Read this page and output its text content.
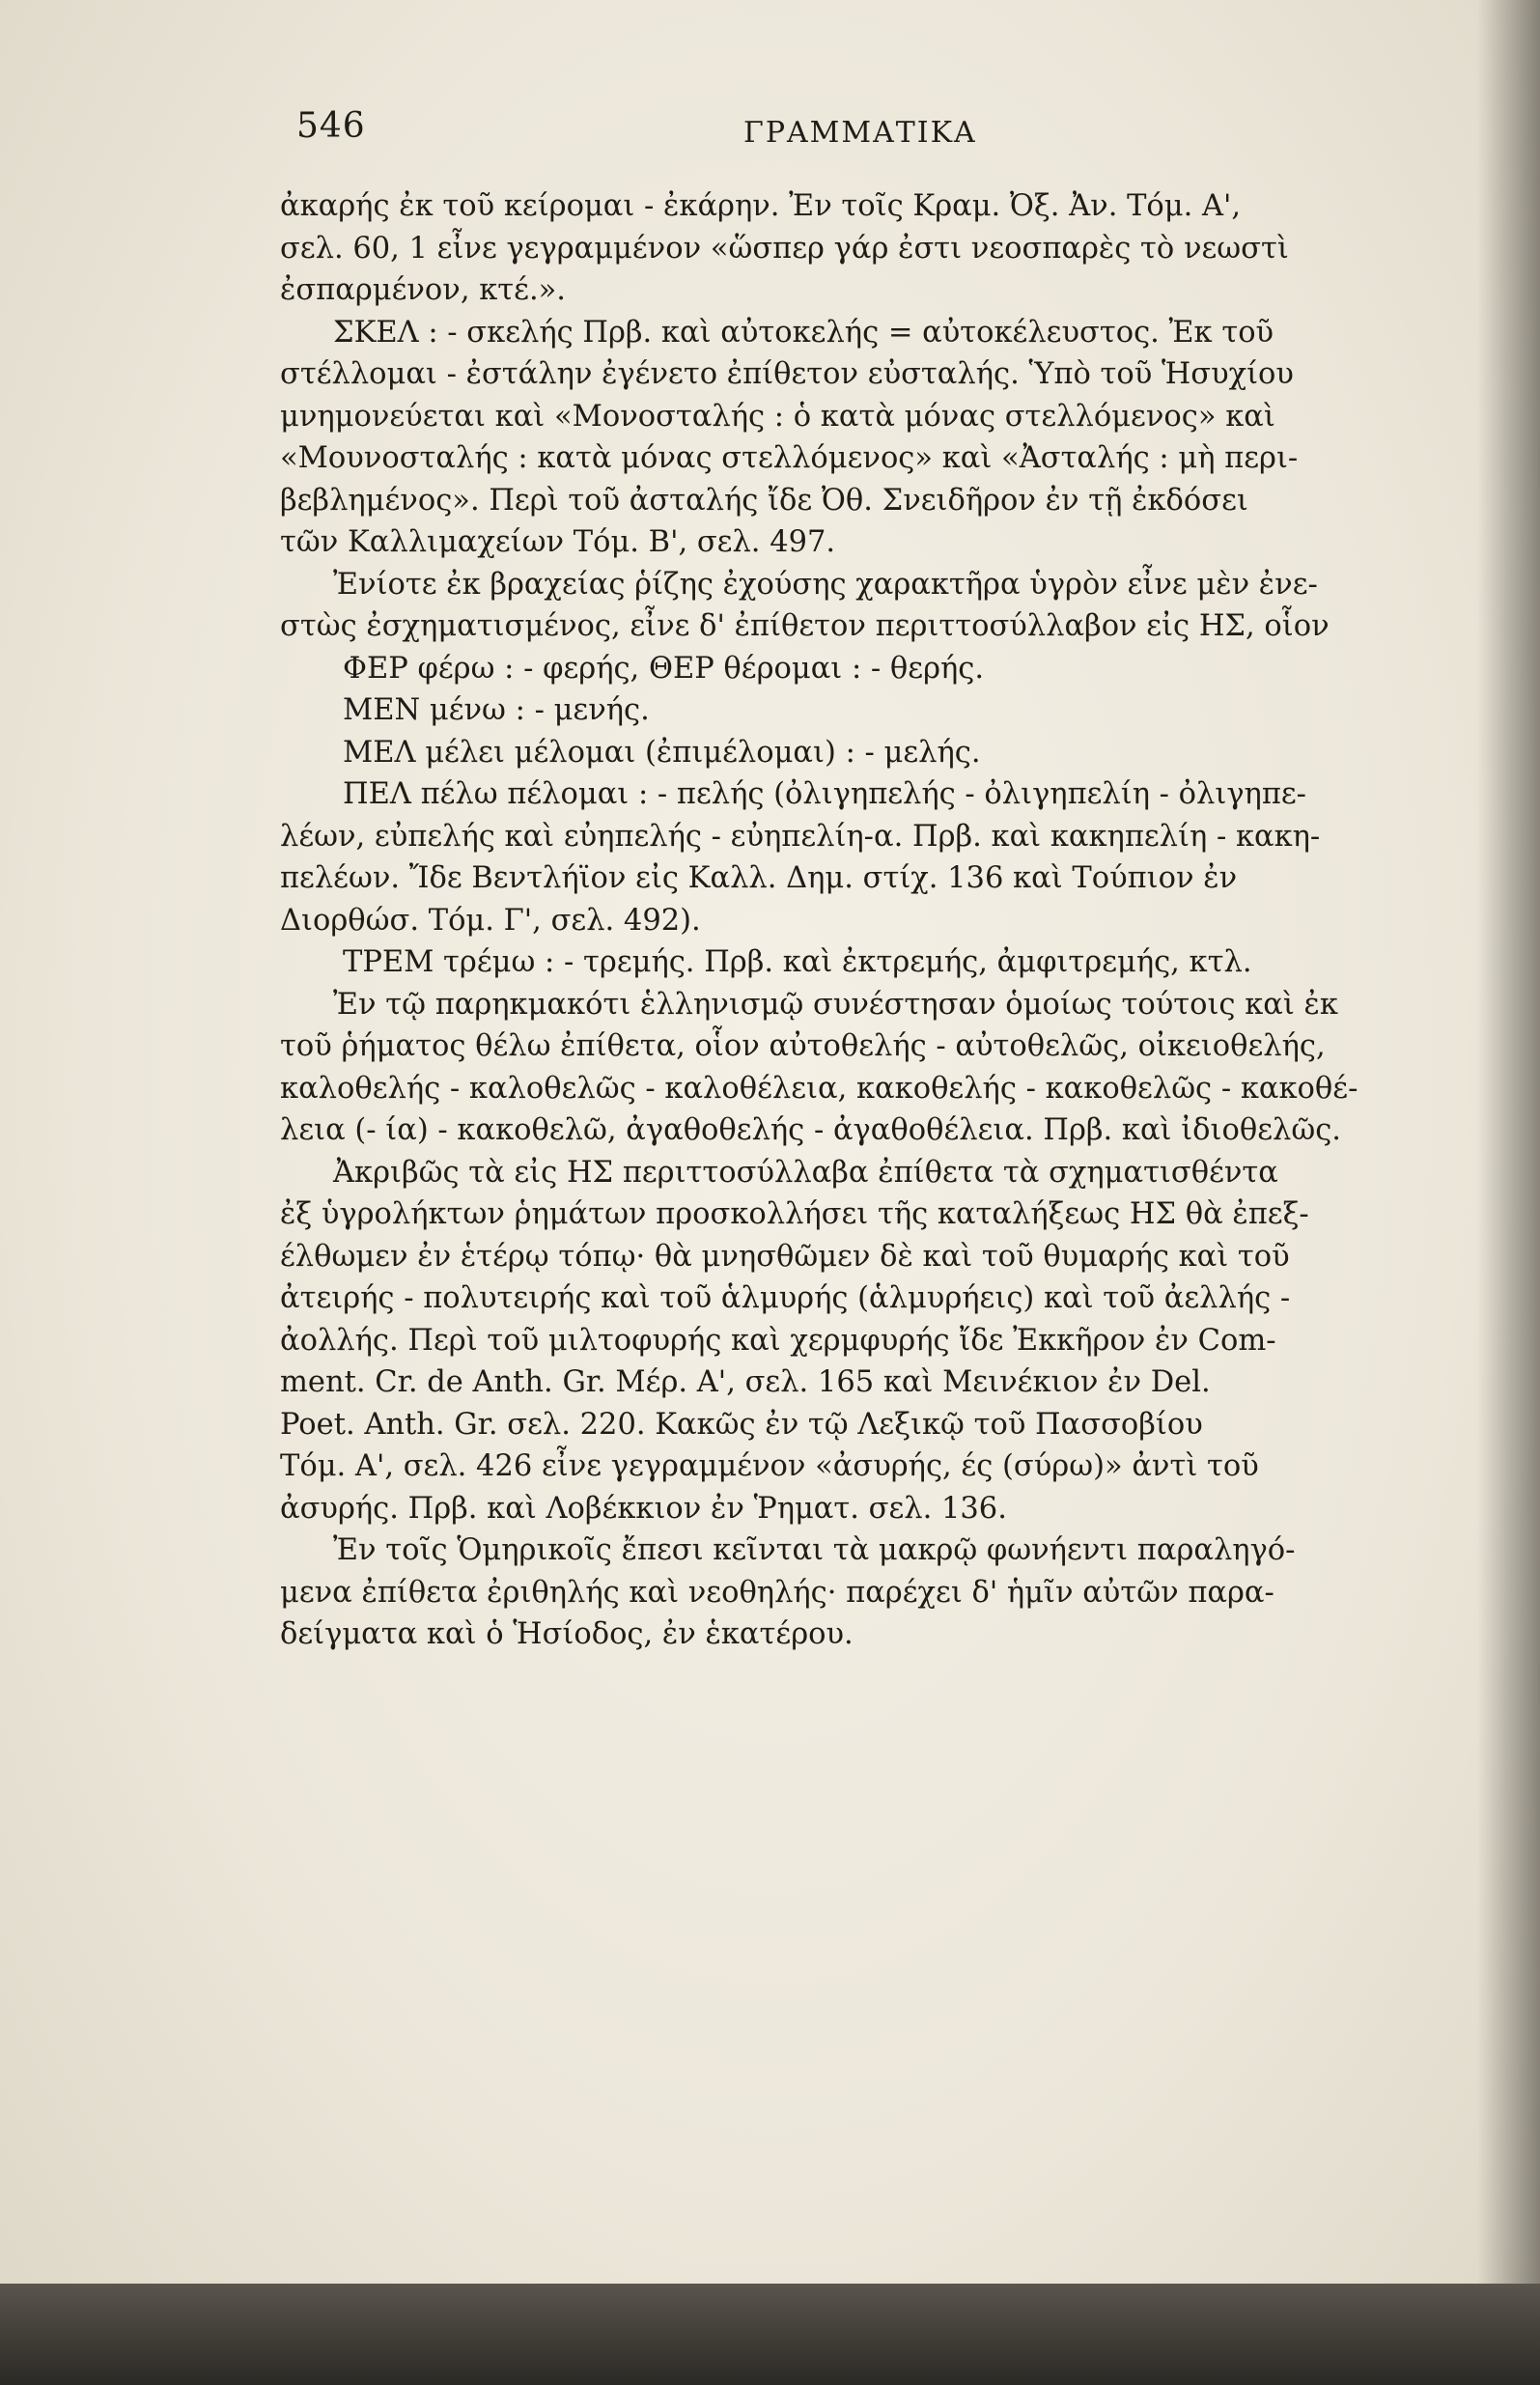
546	ΓΡΑΜΜΑΤΙΚΑ
ἀκαρής ἐκ τοῦ κείρομαι - ἐκάρην. Ἐν τοῖς Κραμ. Ὀξ. Ἀν. Τόμ. Α',
σελ. 60, 1 εἶνε γεγραμμένον «ὥσπερ γάρ ἐστι νεοσπαρὲς τὸ νεωστὶ
ἐσπαρμένον, κτέ.».
ΣΚΕΛ : - σκελής Πρβ. καὶ αὐτοκελής = αὐτοκέλευστος. Ἐκ τοῦ
στέλλομαι - ἐστάλην ἐγένετο ἐπίθετον εὐσταλής. Ὑπὸ τοῦ Ἡσυχίου
μνημονεύεται καὶ «Μονοσταλής : ὁ κατὰ μόνας στελλόμενος» καὶ
«Μουνοσταλής : κατὰ μόνας στελλόμενος» καὶ «Ἀσταλής : μὴ περι-
βεβλημένος». Περὶ τοῦ ἀσταλής ἴδε Ὀθ. Σνειδῆρον ἐν τῇ ἐκδόσει
τῶν Καλλιμαχείων Τόμ. Β', σελ. 497.
Ἐνίοτε ἐκ βραχείας ῥίζης ἐχούσης χαρακτῆρα ὑγρὸν εἶνε μὲν ἐνε-
στὼς ἐσχηματισμένος, εἶνε δ' ἐπίθετον περιττοσύλλαβον εἰς ΗΣ, οἷον
ΦΕΡ φέρω : - φερής, ΘΕΡ θέρομαι : - θερής.
ΜΕΝ μένω : - μενής.
ΜΕΛ μέλει μέλομαι (ἐπιμέλομαι) : - μελής.
ΠΕΛ πέλω πέλομαι : - πελής (ὀλιγηπελής - ὀλιγηπελίη - ὀλιγηπε-
λέων, εὐπελής καὶ εὐηπελής - εὐηπελίη-α. Πρβ. καὶ κακηπελίη - κακη-
πελέων. Ἴδε Βεντλήϊον εἰς Καλλ. Δημ. στίχ. 136 καὶ Τούπιον ἐν
Διορθώσ. Τόμ. Γ', σελ. 492).
ΤΡΕΜ τρέμω : - τρεμής. Πρβ. καὶ ἐκτρεμής, ἀμφιτρεμής, κτλ.
Ἐν τῷ παρηκμακότι ἑλληνισμῷ συνέστησαν ὁμοίως τούτοις καὶ ἐκ
τοῦ ῥήματος θέλω ἐπίθετα, οἷον αὐτοθελής - αὐτοθελῶς, οἰκειοθελής,
καλοθελής - καλοθελῶς - καλοθέλεια, κακοθελής - κακοθελῶς - κακοθέ-
λεια (- ία) - κακοθελῶ, ἀγαθοθελής - ἀγαθοθέλεια. Πρβ. καὶ ἰδιοθελῶς.
Ἀκριβῶς τὰ εἰς ΗΣ περιττοσύλλαβα ἐπίθετα τὰ σχηματισθέντα
ἐξ ὑγρολήκτων ῥημάτων προσκολλήσει τῆς καταλήξεως ΗΣ θὰ ἐπεξ-
έλθωμεν ἐν ἑτέρῳ τόπῳ· θὰ μνησθῶμεν δὲ καὶ τοῦ θυμαρής καὶ τοῦ
ἀτειρής - πολυτειρής καὶ τοῦ ἁλμυρής (ἁλμυρήεις) καὶ τοῦ ἀελλής -
ἀολλής. Περὶ τοῦ μιλτοφυρής καὶ χερμφυρής ἴδε Ἐκκῆρον ἐν Com-
ment. Cr. de Anth. Gr. Μέρ. Α', σελ. 165 καὶ Μεινέκιον ἐν Del.
Poet. Anth. Gr. σελ. 220. Κακῶς ἐν τῷ Λεξικῷ τοῦ Πασσοβίου
Τόμ. Α', σελ. 426 εἶνε γεγραμμένον «ἀσυρής, ές (σύρω)» ἀντὶ τοῦ
ἀσυρής. Πρβ. καὶ Λοβέκκιον ἐν Ῥηματ. σελ. 136.
Ἐν τοῖς Ὁμηρικοῖς ἔπεσι κεῖνται τὰ μακρῷ φωνήεντι παραληγό-
μενα ἐπίθετα ἐριθηλής καὶ νεοθηλής· παρέχει δ' ἡμῖν αὐτῶν παρα-
δείγματα καὶ ὁ Ἡσίοδος, ἐν ἑκατέρου.
